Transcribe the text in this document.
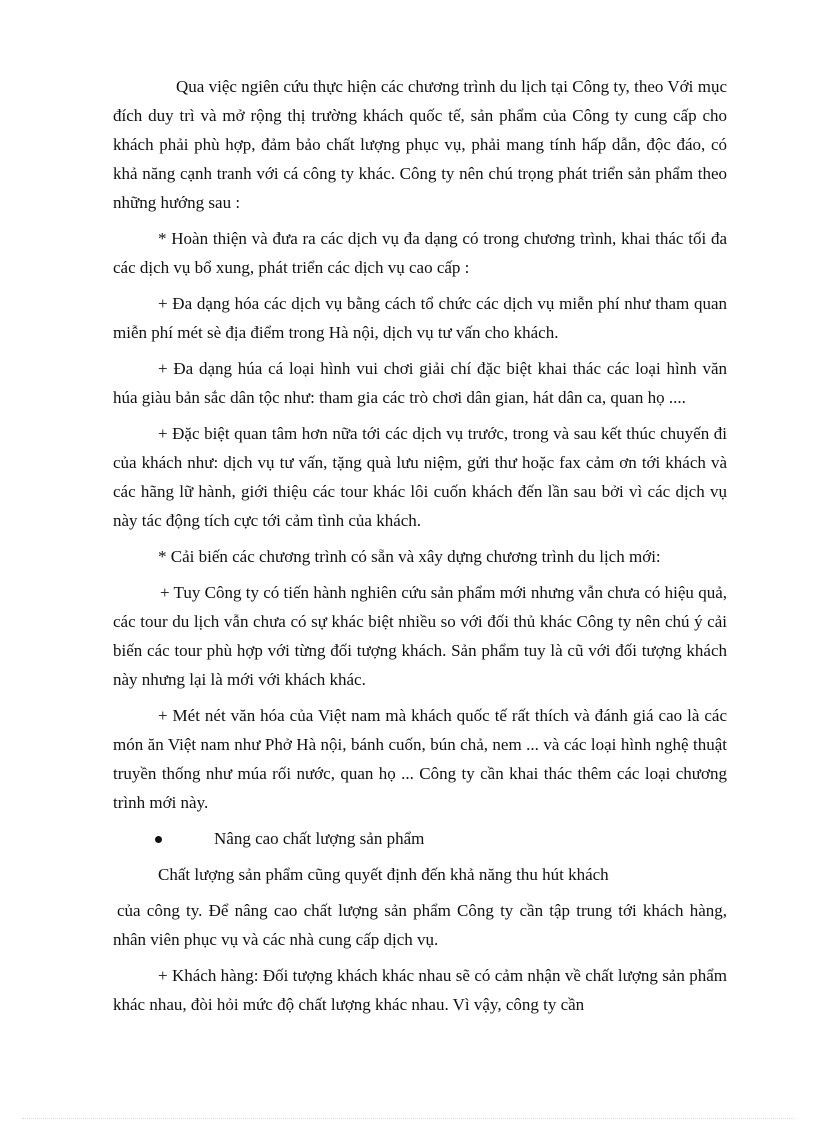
Qua việc ngiên cứu thực hiện các chương trình du lịch tại Công ty, theo Với mục đích duy trì và mở rộng thị trường khách quốc tế, sản phẩm của Công ty cung cấp cho khách phải phù hợp, đảm bảo chất lượng phục vụ, phải mang tính hấp dẫn, độc đáo, có khả năng cạnh tranh với cá công ty khác. Công ty nên chú trọng phát triển sản phẩm theo những hướng sau :

* Hoàn thiện và đưa ra các dịch vụ đa dạng có trong chương trình, khai thác tối đa các dịch vụ bổ xung, phát triển các dịch vụ cao cấp :

+ Đa dạng hóa các dịch vụ bằng cách tổ chức các dịch vụ miễn phí như tham quan miễn phí mét sè địa điểm trong Hà nội, dịch vụ tư vấn cho khách.

+ Đa dạng húa cá loại hình vui chơi giải chí đặc biệt khai thác các loại hình văn húa giàu bản sắc dân tộc như: tham gia các trò chơi dân gian, hát dân ca, quan họ ....

+ Đặc biệt quan tâm hơn nữa tới các dịch vụ trước, trong và sau kết thúc chuyến đi của khách như: dịch vụ tư vấn, tặng quà lưu niệm, gửi thư hoặc fax cảm ơn tới khách và các hãng lữ hành, giới thiệu các tour khác lôi cuốn khách đến lần sau bởi vì các dịch vụ này tác động tích cực tới cảm tình của khách.

* Cải biến các chương trình có sẵn và xây dựng chương trình du lịch mới:

+ Tuy Công ty có tiến hành nghiên cứu sản phẩm mới nhưng vẫn chưa có hiệu quả, các tour du lịch vẫn chưa có sự khác biệt nhiều so với đối thủ khác Công ty nên chú ý cải biến các tour phù hợp với từng đối tượng khách. Sản phẩm tuy là cũ với đối tượng khách này nhưng lại là mới với khách khác.

+ Mét nét văn hóa của Việt nam mà khách quốc tế rất thích và đánh giá cao là các món ăn Việt nam như Phở Hà nội, bánh cuốn, bún chả, nem ... và các loại hình nghệ thuật truyền thống như múa rối nước, quan họ ... Công ty cần khai thác thêm các loại chương trình mới này.

Nâng cao chất lượng sản phẩm

Chất lượng sản phẩm cũng quyết định đến khả năng thu hút khách

của công ty. Để nâng cao chất lượng sản phẩm Công ty cần tập trung tới khách hàng, nhân viên phục vụ và các nhà cung cấp dịch vụ.

+ Khách hàng: Đối tượng khách khác nhau sẽ có cảm nhận về chất lượng sản phẩm khác nhau, đòi hỏi mức độ chất lượng khác nhau. Vì vậy, công ty cần
